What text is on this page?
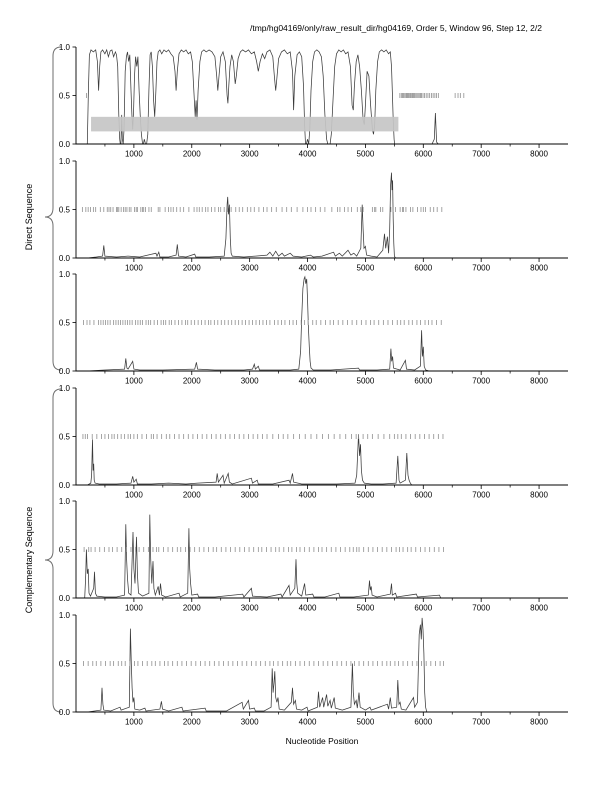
/tmp/hg04169/only/raw_result_dir/hg04169, Order 5, Window 96, Step 12, 2/2
Direct Sequence
Complementary Sequence
0.0
0.5
1.0
1000	2000	3000	4000	5000	6000	7000	8000
0.0
0.5
1.0
1000	2000	3000	4000	5000	6000	7000	8000
0.0
0.5
1.0
1000	2000	3000	4000	5000	6000	7000	8000
0.0
0.5
1.0
1000	2000	3000	4000	5000	6000	7000	8000
0.0
0.5
1.0
1000	2000	3000	4000	5000	6000	7000	8000
0.0
0.5
1.0
1000	2000	3000	4000	5000	6000	7000	8000
Nucleotide Position
